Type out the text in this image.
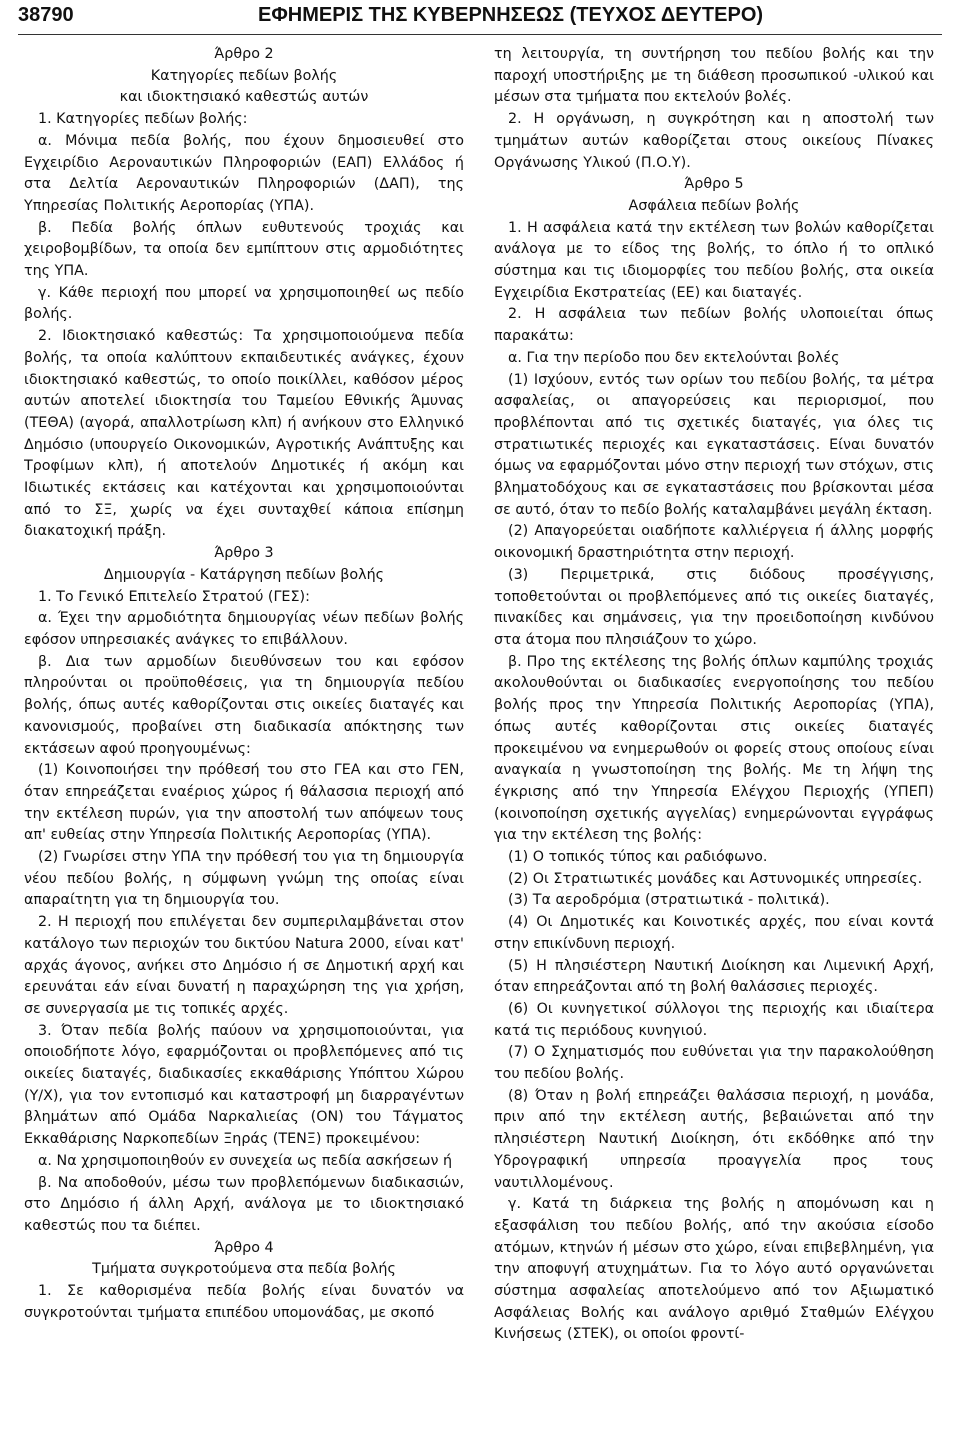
38790	ΕΦΗΜΕΡΙΣ ΤΗΣ ΚΥΒΕΡΝΗΣΕΩΣ (ΤΕΥΧΟΣ ΔΕΥΤΕΡΟ)

Άρθρο 2

Κατηγορίες πεδίων βολής

και ιδιοκτησιακό καθεστώς αυτών

1. Κατηγορίες πεδίων βολής:

α. Μόνιμα πεδία βολής, που έχουν δημοσιευθεί στο Εγχειρίδιο Αεροναυτικών Πληροφοριών (ΕΑΠ) Ελλάδος ή στα Δελτία Αεροναυτικών Πληροφοριών (ΔΑΠ), της Υπηρεσίας Πολιτικής Αεροπορίας (ΥΠΑ).

β. Πεδία βολής όπλων ευθυτενούς τροχιάς και χειροβομβίδων, τα οποία δεν εμπίπτουν στις αρμοδιότητες της ΥΠΑ.

γ. Κάθε περιοχή που μπορεί να χρησιμοποιηθεί ως πεδίο βολής.

2. Ιδιοκτησιακό καθεστώς: Τα χρησιμοποιούμενα πεδία βολής, τα οποία καλύπτουν εκπαιδευτικές ανάγκες, έχουν ιδιοκτησιακό καθεστώς, το οποίο ποικίλλει, καθόσον μέρος αυτών αποτελεί ιδιοκτησία του Ταμείου Εθνικής Άμυνας (ΤΕΘΑ) (αγορά, απαλλοτρίωση κλπ) ή ανήκουν στο Ελληνικό Δημόσιο (υπουργείο Οικονομικών, Αγροτικής Ανάπτυξης και Τροφίμων κλπ), ή αποτελούν Δημοτικές ή ακόμη και Ιδιωτικές εκτάσεις και κατέχονται και χρησιμοποιούνται από το ΣΞ, χωρίς να έχει συνταχθεί κάποια επίσημη διακατοχική πράξη.

Άρθρο 3

Δημιουργία - Κατάργηση πεδίων βολής

1. Το Γενικό Επιτελείο Στρατού (ΓΕΣ):

α. Έχει την αρμοδιότητα δημιουργίας νέων πεδίων βολής εφόσον υπηρεσιακές ανάγκες το επιβάλλουν.

β. Δια των αρμοδίων διευθύνσεων του και εφόσον πληρούνται οι προϋποθέσεις, για τη δημιουργία πεδίου βολής, όπως αυτές καθορίζονται στις οικείες διαταγές και κανονισμούς, προβαίνει στη διαδικασία απόκτησης των εκτάσεων αφού προηγουμένως:

(1) Κοινοποιήσει την πρόθεσή του στο ΓΕΑ και στο ΓΕΝ, όταν επηρεάζεται εναέριος χώρος ή θάλασσια περιοχή από την εκτέλεση πυρών, για την αποστολή των απόψεων τους απ' ευθείας στην Υπηρεσία Πολιτικής Αεροπορίας (ΥΠΑ).

(2) Γνωρίσει στην ΥΠΑ την πρόθεσή του για τη δημιουργία νέου πεδίου βολής, η σύμφωνη γνώμη της οποίας είναι απαραίτητη για τη δημιουργία του.

2. Η περιοχή που επιλέγεται δεν συμπεριλαμβάνεται στον κατάλογο των περιοχών του δικτύου Natura 2000, είναι κατ' αρχάς άγονος, ανήκει στο Δημόσιο ή σε Δημοτική αρχή και ερευνάται εάν είναι δυνατή η παραχώρηση της για χρήση, σε συνεργασία με τις τοπικές αρχές.

3. Όταν πεδία βολής παύουν να χρησιμοποιούνται, για οποιοδήποτε λόγο, εφαρμόζονται οι προβλεπόμενες από τις οικείες διαταγές, διαδικασίες εκκαθάρισης Υπόπτου Χώρου (Υ/Χ), για τον εντοπισμό και καταστροφή μη διαρραγέντων βλημάτων από Ομάδα Ναρκαλιείας (ΟΝ) του Τάγματος Εκκαθάρισης Ναρκοπεδίων Ξηράς (ΤΕΝΞ) προκειμένου:

α. Να χρησιμοποιηθούν εν συνεχεία ως πεδία ασκήσεων ή

β. Να αποδοθούν, μέσω των προβλεπόμενων διαδικασιών, στο Δημόσιο ή άλλη Αρχή, ανάλογα με το ιδιοκτησιακό καθεστώς που τα διέπει.

Άρθρο 4

Τμήματα συγκροτούμενα στα πεδία βολής

1. Σε καθορισμένα πεδία βολής είναι δυνατόν να συγκροτούνται τμήματα επιπέδου υπομονάδας, με σκοπό

τη λειτουργία, τη συντήρηση του πεδίου βολής και την παροχή υποστήριξης με τη διάθεση προσωπικού -υλικού και μέσων στα τμήματα που εκτελούν βολές.

2. Η οργάνωση, η συγκρότηση και η αποστολή των τμημάτων αυτών καθορίζεται στους οικείους Πίνακες Οργάνωσης Υλικού (Π.Ο.Υ).

Άρθρο 5

Ασφάλεια πεδίων βολής

1. Η ασφάλεια κατά την εκτέλεση των βολών καθορίζεται ανάλογα με το είδος της βολής, το όπλο ή το οπλικό σύστημα και τις ιδιομορφίες του πεδίου βολής, στα οικεία Εγχειρίδια Εκστρατείας (ΕΕ) και διαταγές.

2. Η ασφάλεια των πεδίων βολής υλοποιείται όπως παρακάτω:

α. Για την περίοδο που δεν εκτελούνται βολές

(1) Ισχύουν, εντός των ορίων του πεδίου βολής, τα μέτρα ασφαλείας, οι απαγορεύσεις και περιορισμοί, που προβλέπονται από τις σχετικές διαταγές, για όλες τις στρατιωτικές περιοχές και εγκαταστάσεις. Είναι δυνατόν όμως να εφαρμόζονται μόνο στην περιοχή των στόχων, στις βληματοδόχους και σε εγκαταστάσεις που βρίσκονται μέσα σε αυτό, όταν το πεδίο βολής καταλαμβάνει μεγάλη έκταση.

(2) Απαγορεύεται οιαδήποτε καλλιέργεια ή άλλης μορφής οικονομική δραστηριότητα στην περιοχή.

(3) Περιμετρικά, στις διόδους προσέγγισης, τοποθετούνται οι προβλεπόμενες από τις οικείες διαταγές, πινακίδες και σημάνσεις, για την προειδοποίηση κινδύνου στα άτομα που πλησιάζουν το χώρο.

β. Προ της εκτέλεσης της βολής όπλων καμπύλης τροχιάς ακολουθούνται οι διαδικασίες ενεργοποίησης του πεδίου βολής προς την Υπηρεσία Πολιτικής Αεροπορίας (ΥΠΑ), όπως αυτές καθορίζονται στις οικείες διαταγές προκειμένου να ενημερωθούν οι φορείς στους οποίους είναι αναγκαία η γνωστοποίηση της βολής. Με τη λήψη της έγκρισης από την Υπηρεσία Ελέγχου Περιοχής (ΥΠΕΠ) (κοινοποίηση σχετικής αγγελίας) ενημερώνονται εγγράφως για την εκτέλεση της βολής:

(1) Ο τοπικός τύπος και ραδιόφωνο.

(2) Οι Στρατιωτικές μονάδες και Αστυνομικές υπηρεσίες.

(3) Τα αεροδρόμια (στρατιωτικά - πολιτικά).

(4) Οι Δημοτικές και Κοινοτικές αρχές, που είναι κοντά στην επικίνδυνη περιοχή.

(5) Η πλησιέστερη Ναυτική Διοίκηση και Λιμενική Αρχή, όταν επηρεάζονται από τη βολή θαλάσσιες περιοχές.

(6) Οι κυνηγετικοί σύλλογοι της περιοχής και ιδιαίτερα κατά τις περιόδους κυνηγιού.

(7) Ο Σχηματισμός που ευθύνεται για την παρακολούθηση του πεδίου βολής.

(8) Όταν η βολή επηρεάζει θαλάσσια περιοχή, η μονάδα, πριν από την εκτέλεση αυτής, βεβαιώνεται από την πλησιέστερη Ναυτική Διοίκηση, ότι εκδόθηκε από την Υδρογραφική υπηρεσία προαγγελία προς τους ναυτιλλομένους.

γ. Κατά τη διάρκεια της βολής η απομόνωση και η εξασφάλιση του πεδίου βολής, από την ακούσια είσοδο ατόμων, κτηνών ή μέσων στο χώρο, είναι επιβεβλημένη, για την αποφυγή ατυχημάτων. Για το λόγο αυτό οργανώνεται σύστημα ασφαλείας αποτελούμενο από τον Αξιωματικό Ασφάλειας Βολής και ανάλογο αριθμό Σταθμών Ελέγχου Κινήσεως (ΣΤΕΚ), οι οποίοι φροντί-
